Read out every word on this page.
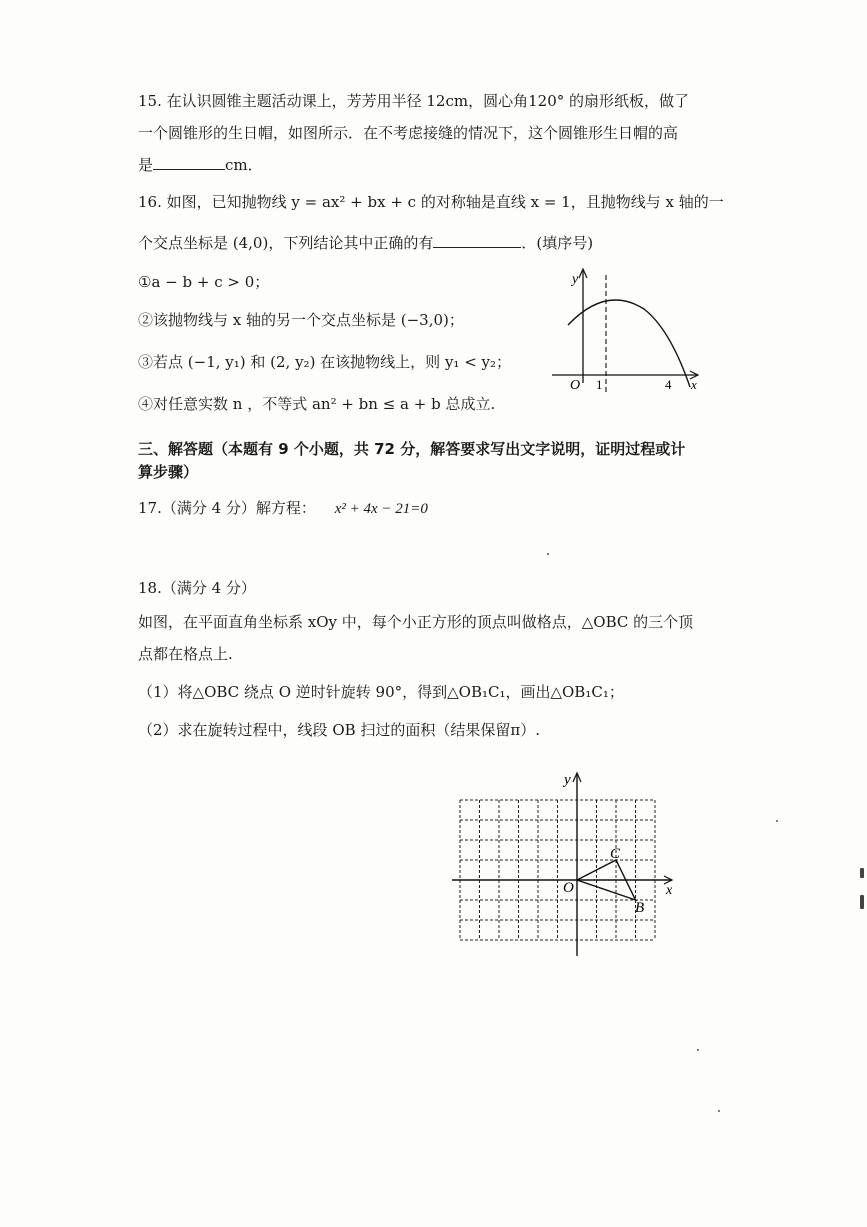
15. 在认识圆锥主题活动课上，芳芳用半径 12cm，圆心角120° 的扇形纸板，做了
一个圆锥形的生日帽，如图所示．在不考虑接缝的情况下，这个圆锥形生日帽的高
是	cm．
16. 如图，已知抛物线 y = ax² + bx + c 的对称轴是直线 x = 1，且抛物线与 x 轴的一
个交点坐标是 (4,0)，下列结论其中正确的有	．(填序号)
①a − b + c > 0；
②该抛物线与 x 轴的另一个交点坐标是 (−3,0)；
③若点 (−1, y₁) 和 (2, y₂) 在该抛物线上，则 y₁ < y₂；
④对任意实数 n ，不等式 an² + bn ≤ a + b 总成立.
y
x
O 1	4
三、解答题（本题有 9 个小题，共 72 分，解答要求写出文字说明，证明过程或计
算步骤）
17.（满分 4 分）解方程： x² + 4x − 21=0
18.（满分 4 分）
如图，在平面直角坐标系 xOy 中，每个小正方形的顶点叫做格点，△OBC 的三个顶
点都在格点上.
（1）将△OBC 绕点 O 逆时针旋转 90°，得到△OB₁C₁，画出△OB₁C₁；
（2）求在旋转过程中，线段 OB 扫过的面积（结果保留π）.
y
x
O
C
B
